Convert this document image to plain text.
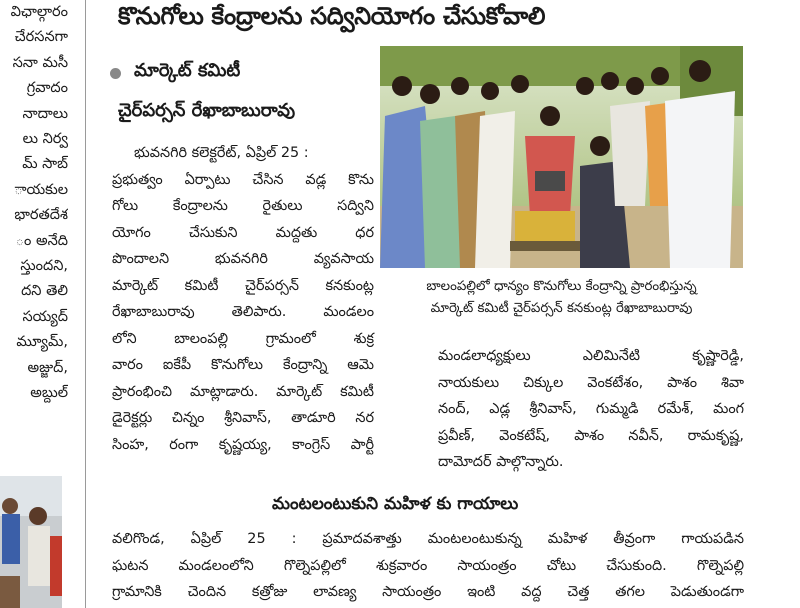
విఛాల్గారం
చేరసనగా
సనా మసీ
గ్రవాదం
నాదాలు
లు నిర్వ
మ్ సాబ్
ాయకుల
భారతదేశ
ం అనేది
స్తుందని,
దని తెలి
సయ్యద్
మ్యూమ్,
అజ్జుద్,
అబ్దుల్
కొనుగోలు కేంద్రాలను సద్వినియోగం చేసుకోవాలి
మార్కెట్ కమిటీ
చైర్‌పర్సన్ రేఖాబాబురావు
భువనగిరి కలెక్టరేట్, ఏప్రిల్ 25 :
ప్రభుత్వం ఏర్పాటు చేసిన వడ్ల కొను
గోలు కేంద్రాలను రైతులు సద్విని
యోగం చేసుకుని మద్దతు ధర
పొందాలని భువనగిరి వ్యవసాయ
మార్కెట్ కమిటీ చైర్‌పర్సన్ కనకుంట్ల
రేఖాబాబురావు తెలిపారు. మండలం
లోని బాలంపల్లి గ్రామంలో శుక్ర
వారం ఐకేపీ కొనుగోలు కేంద్రాన్ని ఆమె
ప్రారంభించి మాట్లాడారు. మార్కెట్ కమిటీ
డైరెక్టర్లు చిన్నం శ్రీనివాస్, తాడూరి నర
సింహ, రంగా కృష్ణయ్య, కాంగ్రెస్ పార్టీ
బాలంపల్లిలో ధాన్యం కొనుగోలు కేంద్రాన్ని ప్రారంభిస్తున్న
మార్కెట్ కమిటీ చైర్‌పర్సన్ కనకుంట్ల రేఖాబాబురావు
మండలాధ్యక్షులు ఎలిమినేటి కృష్ణారెడ్డి,
నాయకులు చిక్కుల వెంకటేశం, పాశం శివా
నంద్, ఎడ్ల శ్రీనివాస్, గుమ్మడి రమేశ్, మంగ
ప్రవీణ్, వెంకటేష్, పాశం నవీన్, రామకృష్ణ,
దామోదర్ పాల్గొన్నారు.
మంటలంటుకుని మహిళ కు గాయాలు
వలిగొండ, ఏప్రిల్ 25 : ప్రమాదవశాత్తు మంటలంటుకున్న మహిళ తీవ్రంగా గాయపడిన
ఘటన మండలంలోని గొల్నెపల్లిలో శుక్రవారం సాయంత్రం చోటు చేసుకుంది. గొల్నెపల్లి
గ్రామానికి చెందిన కత్రోజు లావణ్య సాయంత్రం ఇంటి వద్ద చెత్త తగల పెడుతుండగా
